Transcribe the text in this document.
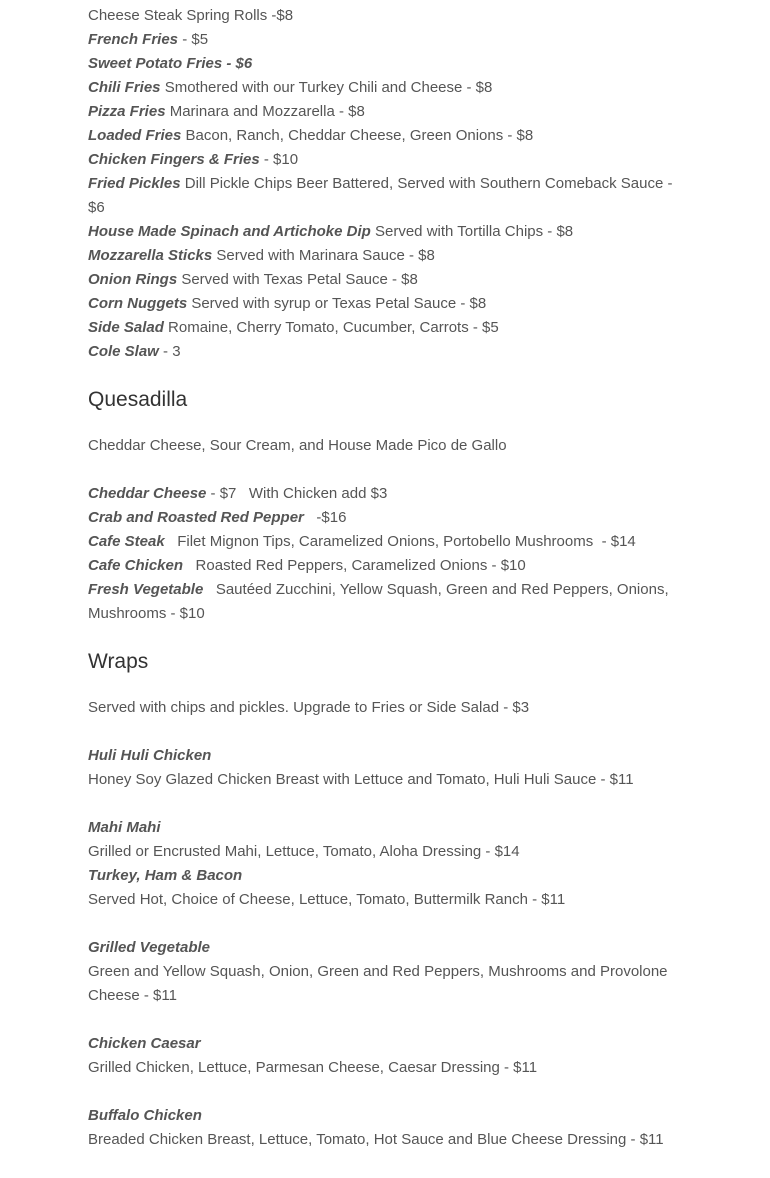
Cheese Steak Spring Rolls -$8
French Fries - $5
Sweet Potato Fries - $6
Chili Fries Smothered with our Turkey Chili and Cheese - $8
Pizza Fries Marinara and Mozzarella - $8
Loaded Fries Bacon, Ranch, Cheddar Cheese, Green Onions - $8
Chicken Fingers & Fries - $10
Fried Pickles Dill Pickle Chips Beer Battered, Served with Southern Comeback Sauce - $6
House Made Spinach and Artichoke Dip Served with Tortilla Chips - $8
Mozzarella Sticks Served with Marinara Sauce - $8
Onion Rings Served with Texas Petal Sauce - $8
Corn Nuggets Served with syrup or Texas Petal Sauce - $8
Side Salad Romaine, Cherry Tomato, Cucumber, Carrots - $5
Cole Slaw - 3
Quesadilla
Cheddar Cheese, Sour Cream, and House Made Pico de Gallo
Cheddar Cheese - $7   With Chicken add $3
Crab and Roasted Red Pepper   -$16
Cafe Steak   Filet Mignon Tips, Caramelized Onions, Portobello Mushrooms  - $14
Cafe Chicken   Roasted Red Peppers, Caramelized Onions - $10
Fresh Vegetable   Sautéed Zucchini, Yellow Squash, Green and Red Peppers, Onions, Mushrooms - $10
Wraps
Served with chips and pickles. Upgrade to Fries or Side Salad - $3
Huli Huli Chicken
Honey Soy Glazed Chicken Breast with Lettuce and Tomato, Huli Huli Sauce - $11
Mahi Mahi
Grilled or Encrusted Mahi, Lettuce, Tomato, Aloha Dressing - $14
Turkey, Ham & Bacon
Served Hot, Choice of Cheese, Lettuce, Tomato, Buttermilk Ranch - $11
Grilled Vegetable
Green and Yellow Squash, Onion, Green and Red Peppers, Mushrooms and Provolone Cheese - $11
Chicken Caesar
Grilled Chicken, Lettuce, Parmesan Cheese, Caesar Dressing - $11
Buffalo Chicken
Breaded Chicken Breast, Lettuce, Tomato, Hot Sauce and Blue Cheese Dressing - $11
